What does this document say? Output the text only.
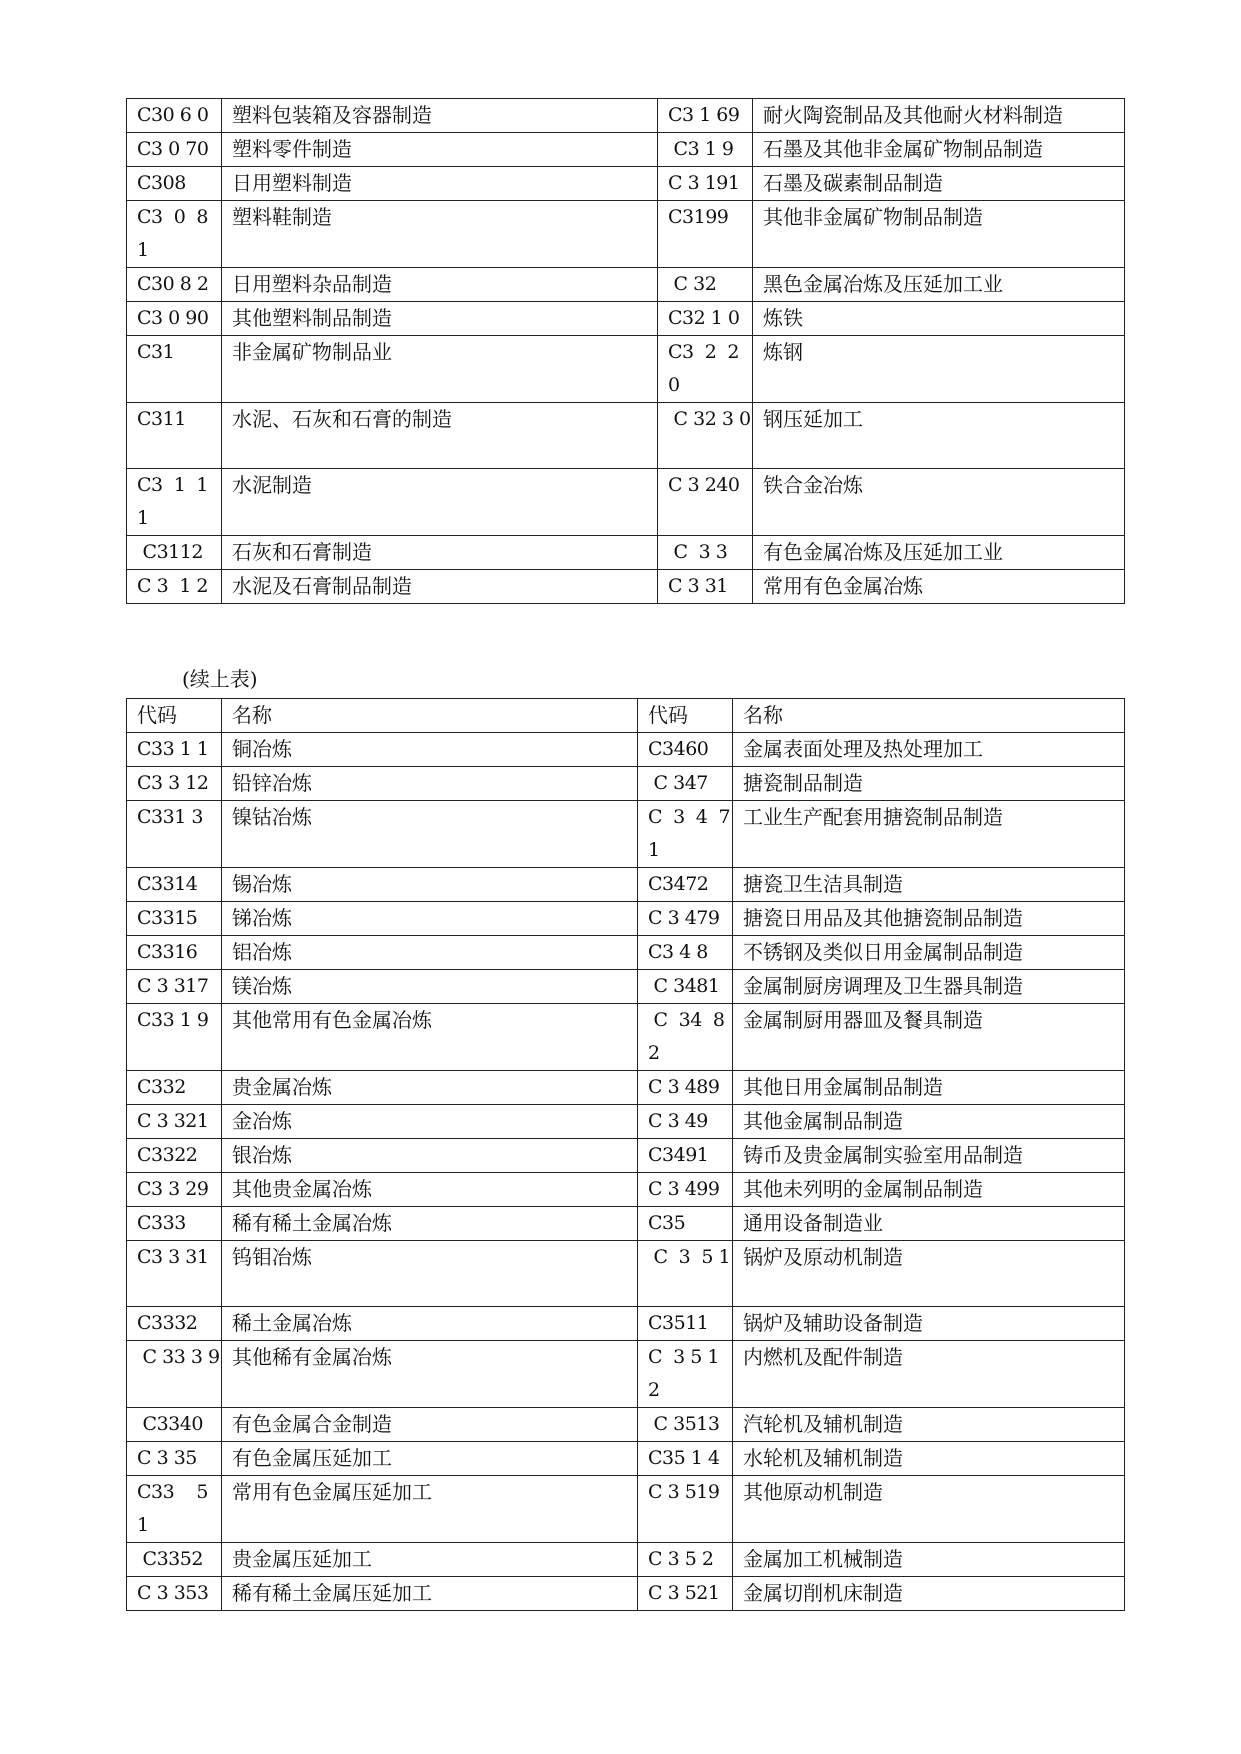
C30 6 0	塑料包装箱及容器制造	C3 1 69	耐火陶瓷制品及其他耐火材料制造
C3 0 70	塑料零件制造	C3 1 9	石墨及其他非金属矿物制品制造
C308	日用塑料制造	C 3 191	石墨及碳素制品制造
C3  0  8 1	塑料鞋制造	C3199	其他非金属矿物制品制造
C30 8 2	日用塑料杂品制造	C 32	黑色金属冶炼及压延加工业
C3 0 90	其他塑料制品制造	C32 1 0	炼铁
C31	非金属矿物制品业	C3  2  2 0	炼钢
C311	水泥、石灰和石膏的制造	C 32 3 0	钢压延加工
C3  1  1 1	水泥制造	C 3 240	铁合金冶炼
C3112	石灰和石膏制造	C  3 3	有色金属冶炼及压延加工业
C 3  1 2	水泥及石膏制品制造	C 3 31	常用有色金属冶炼
(续上表)
代码	名称	代码	名称
C33 1 1	铜冶炼	C3460	金属表面处理及热处理加工
C3 3 12	铅锌冶炼	C 347	搪瓷制品制造
C331 3	镍钴冶炼	C  3  4  7 1	工业生产配套用搪瓷制品制造
C3314	锡冶炼	C3472	搪瓷卫生洁具制造
C3315	锑冶炼	C 3 479	搪瓷日用品及其他搪瓷制品制造
C3316	铝冶炼	C3 4 8	不锈钢及类似日用金属制品制造
C 3 317	镁冶炼	C 3481	金属制厨房调理及卫生器具制造
C33 1 9	其他常用有色金属冶炼	C  34  8 2	金属制厨用器皿及餐具制造
C332	贵金属冶炼	C 3 489	其他日用金属制品制造
C 3 321	金冶炼	C 3 49	其他金属制品制造
C3322	银冶炼	C3491	铸币及贵金属制实验室用品制造
C3 3 29	其他贵金属冶炼	C 3 499	其他未列明的金属制品制造
C333	稀有稀土金属冶炼	C35	通用设备制造业
C3 3 31	钨钼冶炼	C  3  5 1	锅炉及原动机制造
C3332	稀土金属冶炼	C3511	锅炉及辅助设备制造
C 33 3 9	其他稀有金属冶炼	C  3 5 1 2	内燃机及配件制造
C3340	有色金属合金制造	C 3513	汽轮机及辅机制造
C 3 35	有色金属压延加工	C35 1 4	水轮机及辅机制造
C33    5 1	常用有色金属压延加工	C 3 519	其他原动机制造
C3352	贵金属压延加工	C 3 5 2	金属加工机械制造
C 3 353	稀有稀土金属压延加工	C 3 521	金属切削机床制造
